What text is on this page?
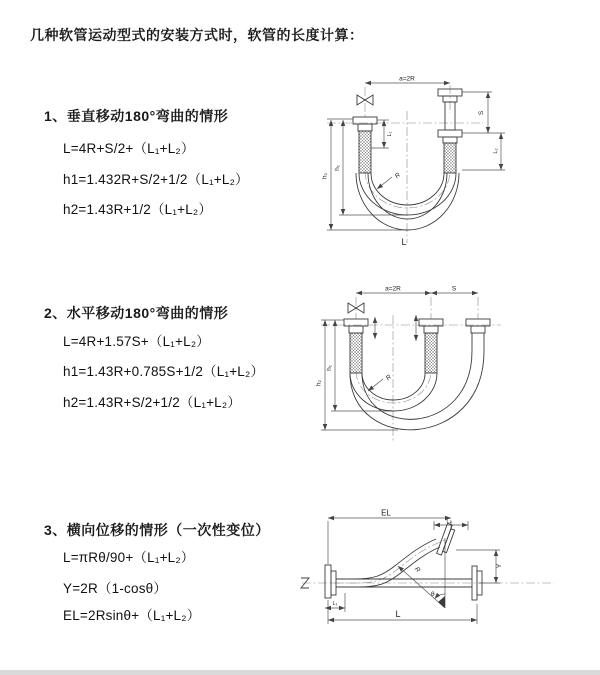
几种软管运动型式的安装方式时，软管的长度计算：
1、垂直移动180°弯曲的情形
L=4R+S/2+（L₁+L₂）
h1=1.432R+S/2+1/2（L₁+L₂）
h2=1.43R+1/2（L₁+L₂）
2、水平移动180°弯曲的情形
L=4R+1.57S+（L₁+L₂）
h1=1.43R+0.785S+1/2（L₁+L₂）
h2=1.43R+S/2+1/2（L₁+L₂）
3、横向位移的情形（一次性变位）
L=πRθ/90+（L₁+L₂）
Y=2R（1-cosθ）
EL=2Rsinθ+（L₁+L₂）
a=2R
S
L₂
L₁
h₁
h₂	R
L
a=2R	S
h₁
h₂
R
EL
L₂
Y
L
L₁
R
θ
